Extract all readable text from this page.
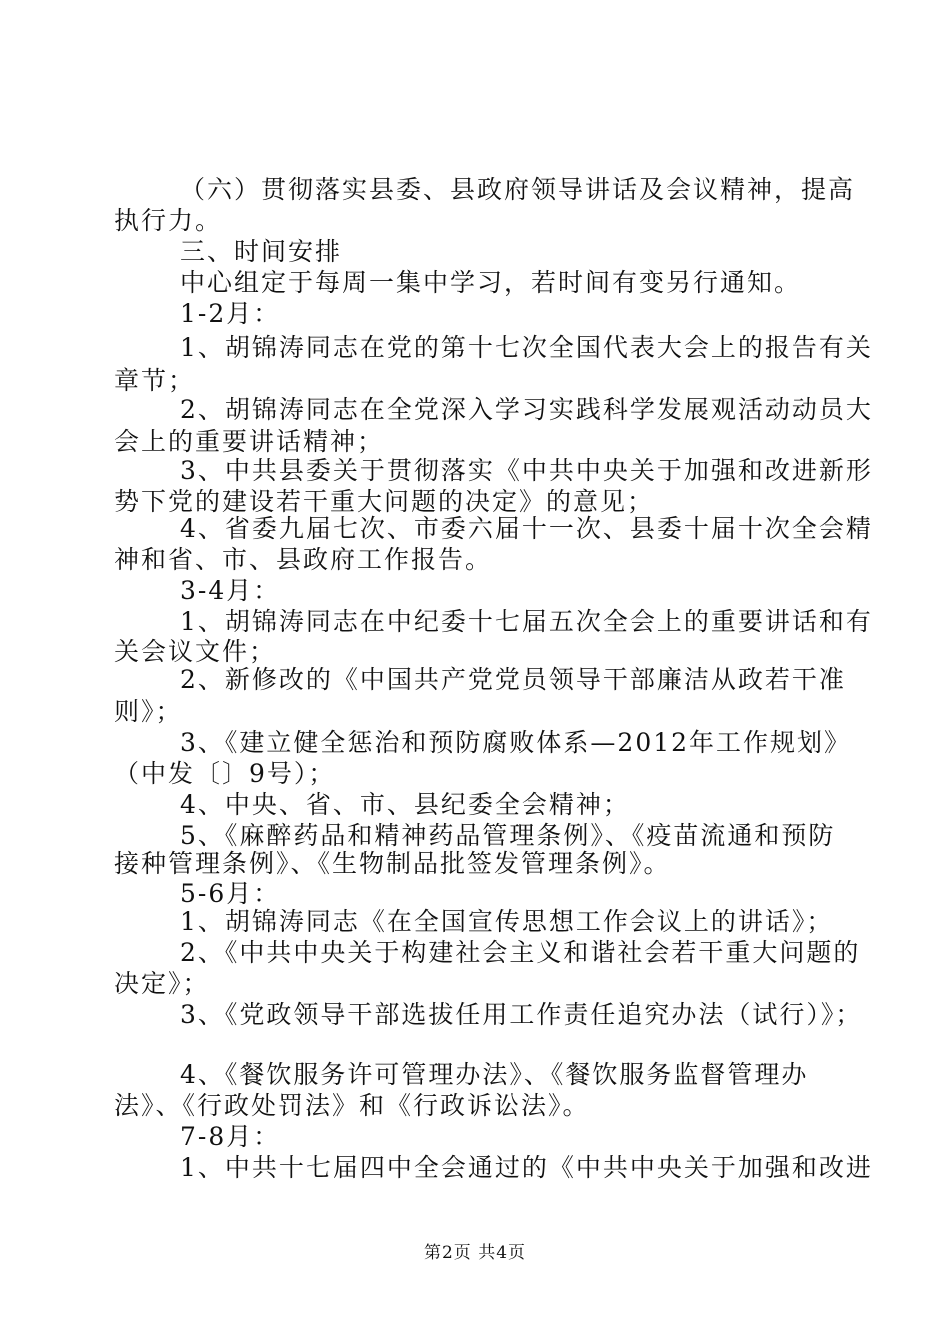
（六）贯彻落实县委、县政府领导讲话及会议精神，提高
执行力。
三、时间安排
中心组定于每周一集中学习，若时间有变另行通知。
1-2月：
1、胡锦涛同志在党的第十七次全国代表大会上的报告有关
章节；
2、胡锦涛同志在全党深入学习实践科学发展观活动动员大
会上的重要讲话精神；
3、中共县委关于贯彻落实《中共中央关于加强和改进新形
势下党的建设若干重大问题的决定》的意见；
4、省委九届七次、市委六届十一次、县委十届十次全会精
神和省、市、县政府工作报告。
3-4月：
1、胡锦涛同志在中纪委十七届五次全会上的重要讲话和有
关会议文件；
2、新修改的《中国共产党党员领导干部廉洁从政若干准
则》；
3、《建立健全惩治和预防腐败体系—2012年工作规划》
（中发〔〕9号）；
4、中央、省、市、县纪委全会精神；
5、《麻醉药品和精神药品管理条例》、《疫苗流通和预防
接种管理条例》、《生物制品批签发管理条例》。
5-6月：
1、胡锦涛同志《在全国宣传思想工作会议上的讲话》；
2、《中共中央关于构建社会主义和谐社会若干重大问题的
决定》；
3、《党政领导干部选拔任用工作责任追究办法（试行）》；
4、《餐饮服务许可管理办法》、《餐饮服务监督管理办
法》、《行政处罚法》和《行政诉讼法》。
7-8月：
1、中共十七届四中全会通过的《中共中央关于加强和改进
第2页 共4页
